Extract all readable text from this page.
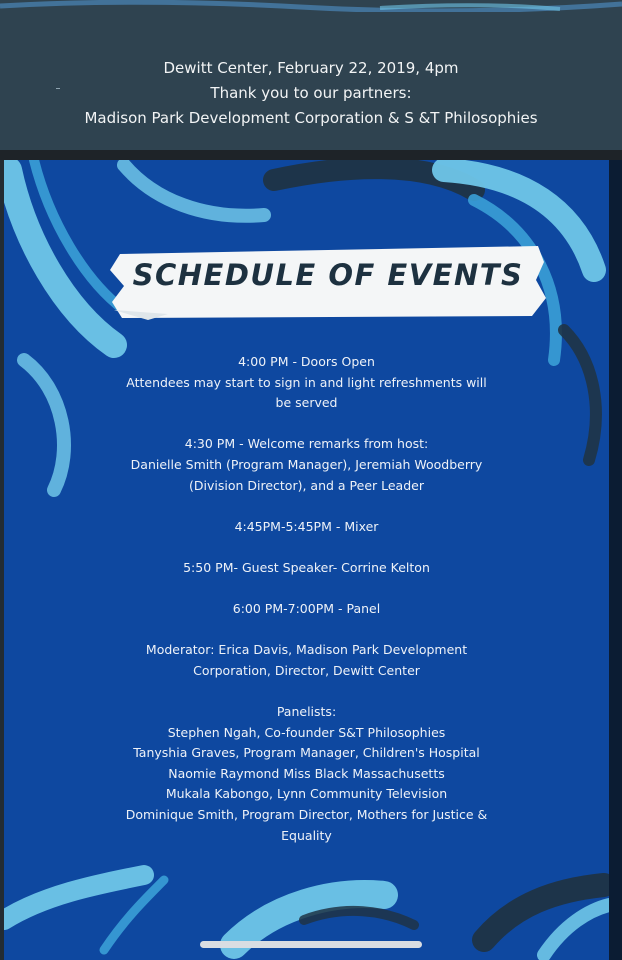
Dewitt Center, February 22, 2019, 4pm
Thank you to our partners:
Madison Park Development Corporation & S &T Philosophies
SCHEDULE OF EVENTS
4:00 PM - Doors Open
Attendees may start to sign in and light refreshments will
be served
4:30 PM - Welcome remarks from host:
Danielle Smith (Program Manager), Jeremiah Woodberry
(Division Director), and a Peer Leader
4:45PM-5:45PM - Mixer
5:50 PM- Guest Speaker- Corrine Kelton
6:00 PM-7:00PM - Panel
Moderator: Erica Davis, Madison Park Development
Corporation, Director, Dewitt Center
Panelists:
Stephen Ngah, Co-founder S&T Philosophies
Tanyshia Graves, Program Manager, Children's Hospital
Naomie Raymond Miss Black Massachusetts
Mukala Kabongo, Lynn Community Television
Dominique Smith, Program Director, Mothers for Justice &
Equality
